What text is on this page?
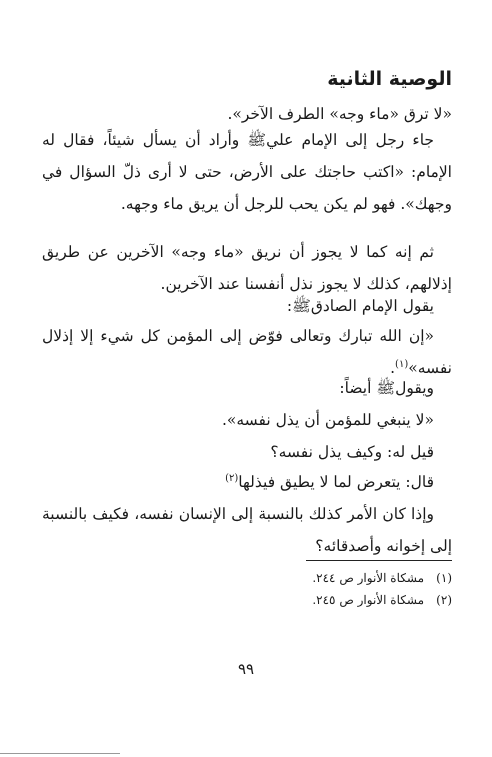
الوصية الثانية

«لا ترق «ماء وجه» الطرف الآخر».

جاء رجل إلى الإمام عليﷺ وأراد أن يسأل شيئاً، فقال له الإمام: «اكتب حاجتك على الأرض، حتى لا أرى ذلّ السؤال في وجهك». فهو لم يكن يحب للرجل أن يريق ماء وجهه.

ثم إنه كما لا يجوز أن نريق «ماء وجه» الآخرين عن طريق إذلالهم، كذلك لا يجوز نذل أنفسنا عند الآخرين.

يقول الإمام الصادقﷺ:

«إن الله تبارك وتعالى فوّض إلى المؤمن كل شيء إلا إذلال نفسه»$^{(١)}$.

ويقولﷺ أيضاً:

«لا ينبغي للمؤمن أن يذل نفسه».

قيل له: وكيف يذل نفسه؟

قال: يتعرض لما لا يطيق فيذلها$^{(٢)}$

وإذا كان الأمر كذلك بالنسبة إلى الإنسان نفسه، فكيف بالنسبة إلى إخوانه وأصدقائه؟

(١)مشكاة الأنوار ص ٢٤٤.

(٢)مشكاة الأنوار ص ٢٤٥.

٩٩
